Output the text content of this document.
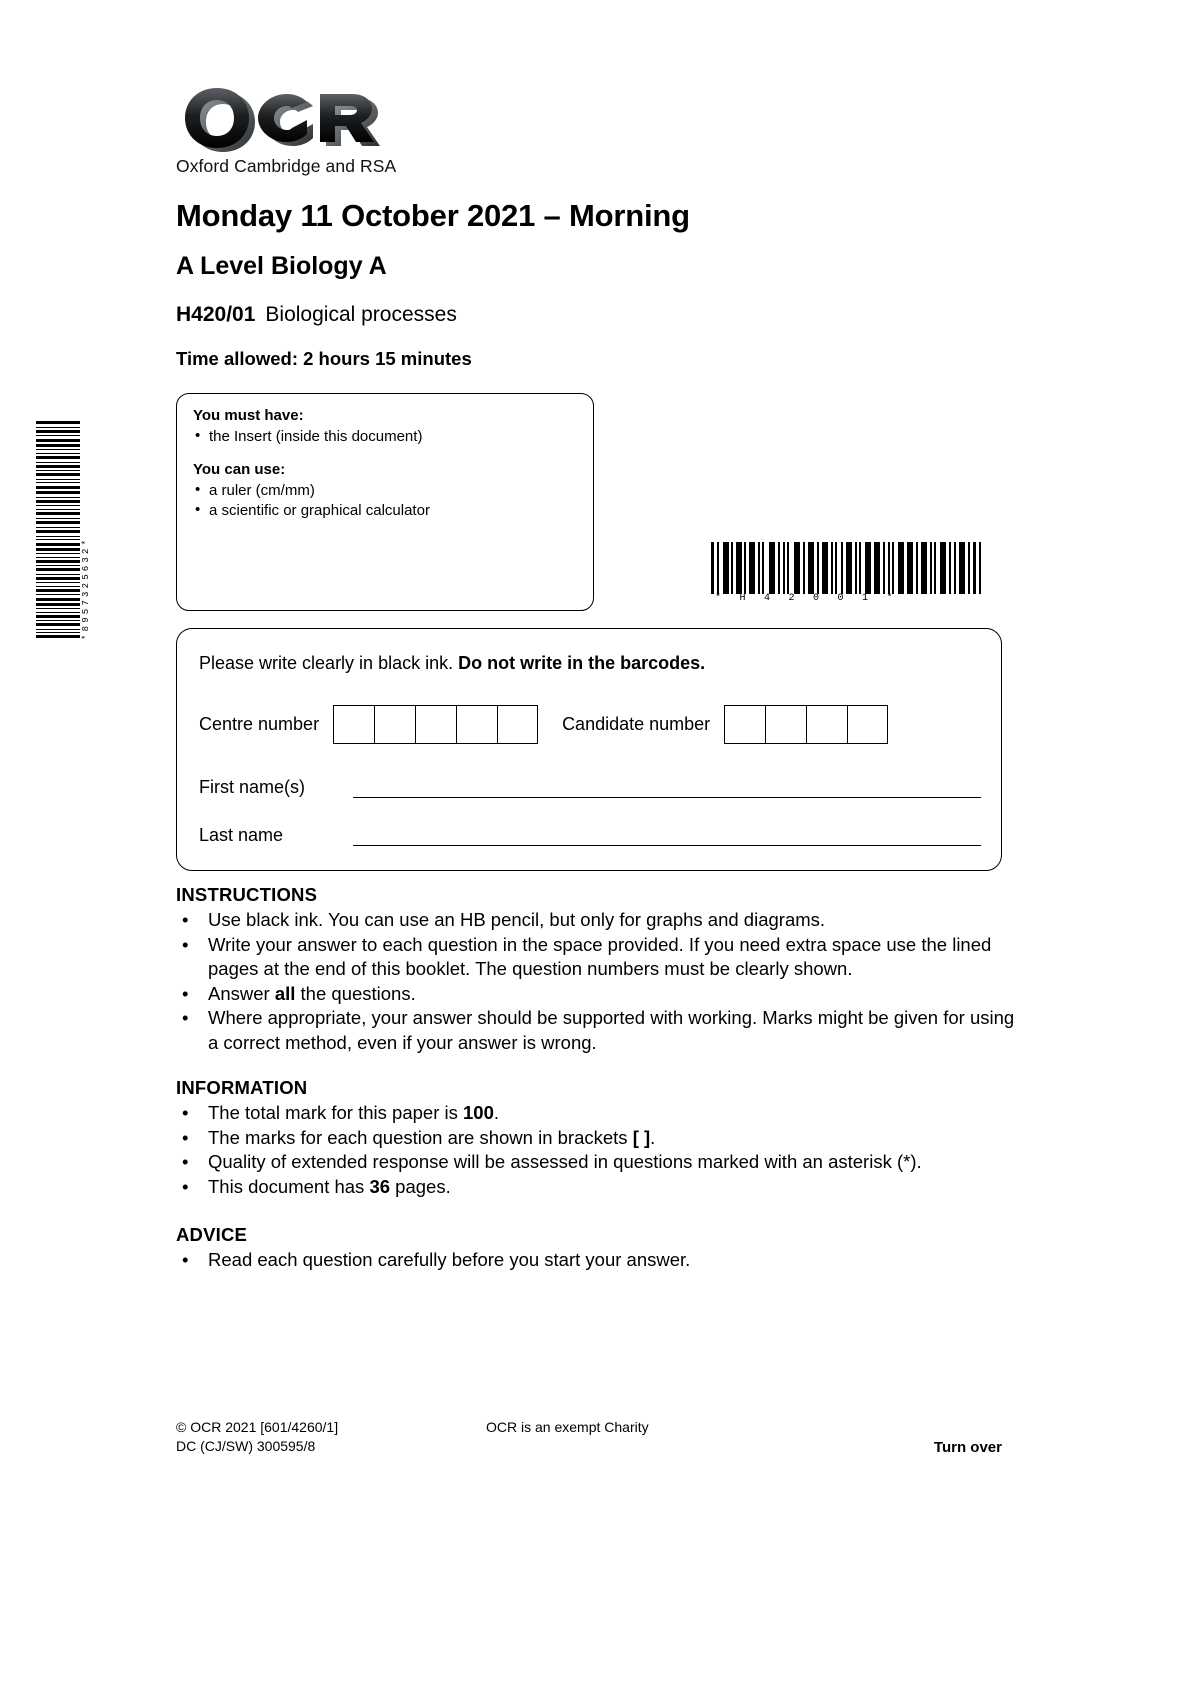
*8957325632*
Oxford Cambridge and RSA
Monday 11 October 2021 – Morning
A Level Biology A
H420/01 Biological processes
Time allowed: 2 hours 15 minutes

You must have:

• the Insert (inside this document)

You can use:

• a ruler (cm/mm)
• a scientific or graphical calculator
*H42001*
Please write clearly in black ink. Do not write in the barcodes.
Centre number	Candidate number
First name(s)
Last name

INSTRUCTIONS

• Use black ink. You can use an HB pencil, but only for graphs and diagrams.
• Write your answer to each question in the space provided. If you need extra space use the lined pages at the end of this booklet. The question numbers must be clearly shown.
• Answer all the questions.
• Where appropriate, your answer should be supported with working. Marks might be given for using a correct method, even if your answer is wrong.

INFORMATION

• The total mark for this paper is 100.
• The marks for each question are shown in brackets [ ].
• Quality of extended response will be assessed in questions marked with an asterisk (*).
• This document has 36 pages.

ADVICE

• Read each question carefully before you start your answer.
© OCR 2021 [601/4260/1]
DC (CJ/SW) 300595/8
OCR is an exempt Charity
Turn over
